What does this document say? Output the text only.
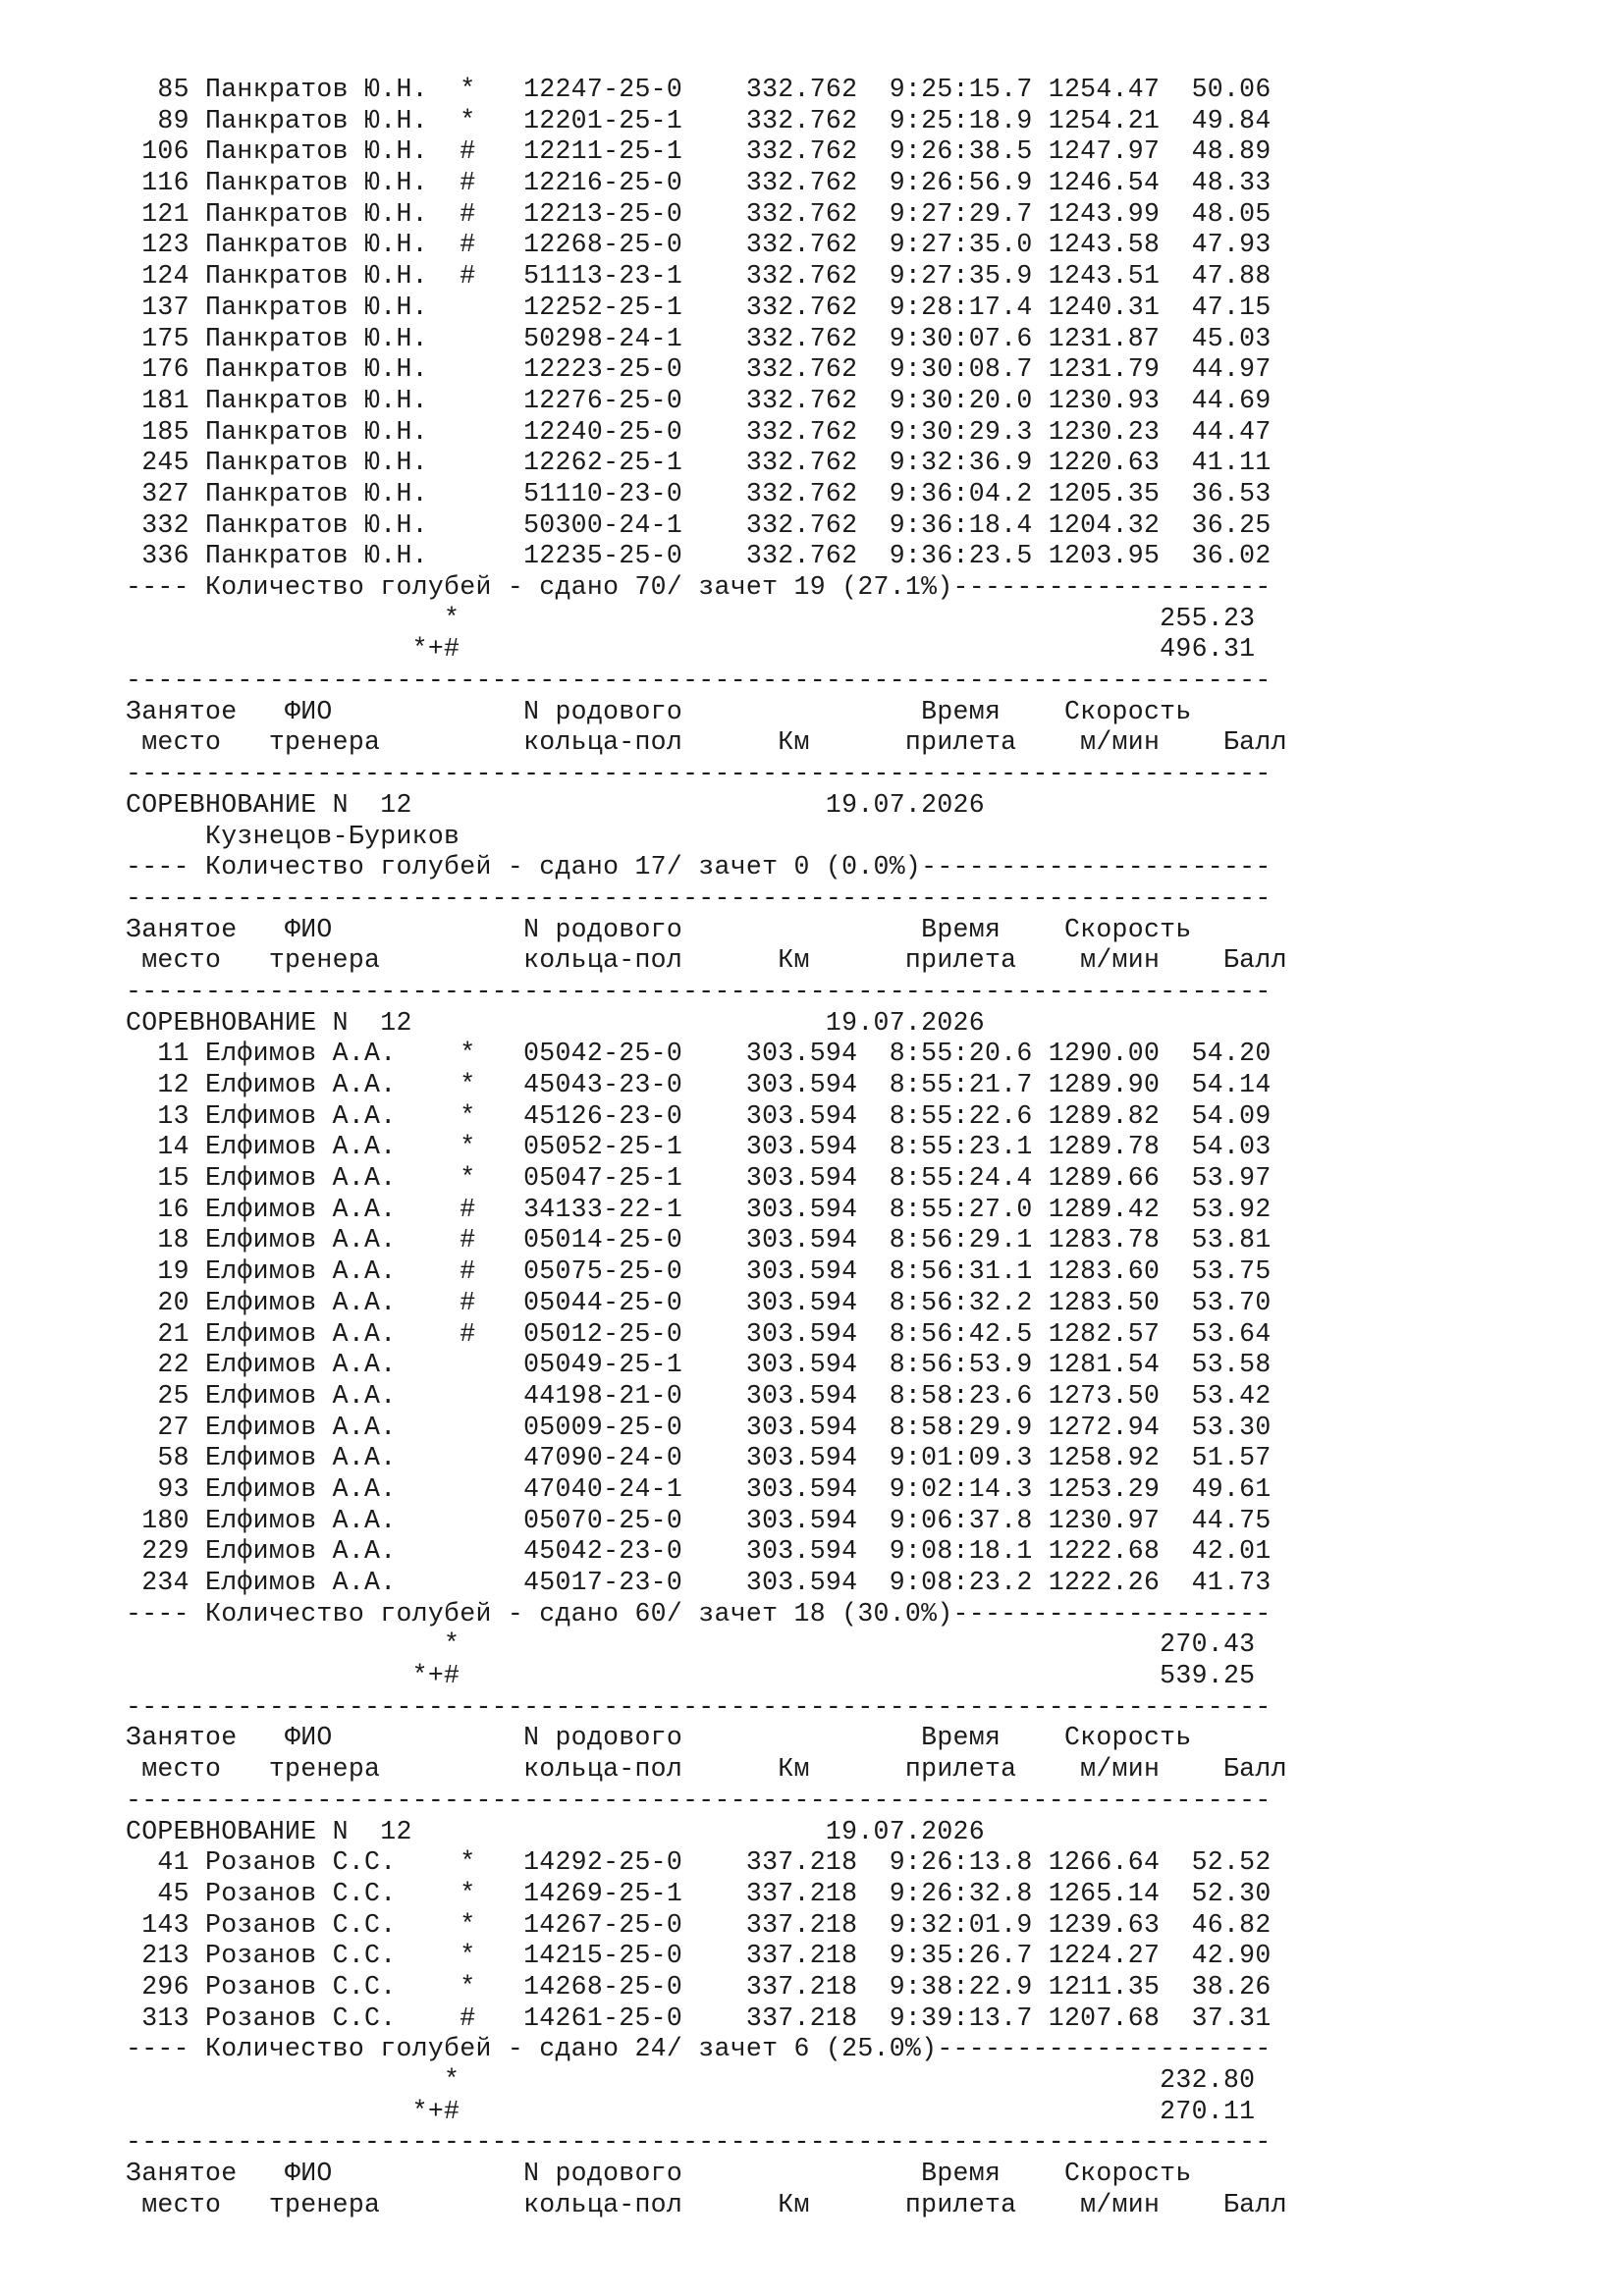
85 Панкратов Ю.Н.  *   12247-25-0    332.762  9:25:15.7 1254.47  50.06
89 Панкратов Ю.Н.  *   12201-25-1    332.762  9:25:18.9 1254.21  49.84
106 Панкратов Ю.Н.  #   12211-25-1    332.762  9:26:38.5 1247.97  48.89
116 Панкратов Ю.Н.  #   12216-25-0    332.762  9:26:56.9 1246.54  48.33
121 Панкратов Ю.Н.  #   12213-25-0    332.762  9:27:29.7 1243.99  48.05
123 Панкратов Ю.Н.  #   12268-25-0    332.762  9:27:35.0 1243.58  47.93
124 Панкратов Ю.Н.  #   51113-23-1    332.762  9:27:35.9 1243.51  47.88
137 Панкратов Ю.Н.      12252-25-1    332.762  9:28:17.4 1240.31  47.15
175 Панкратов Ю.Н.      50298-24-1    332.762  9:30:07.6 1231.87  45.03
176 Панкратов Ю.Н.      12223-25-0    332.762  9:30:08.7 1231.79  44.97
181 Панкратов Ю.Н.      12276-25-0    332.762  9:30:20.0 1230.93  44.69
185 Панкратов Ю.Н.      12240-25-0    332.762  9:30:29.3 1230.23  44.47
245 Панкратов Ю.Н.      12262-25-1    332.762  9:32:36.9 1220.63  41.11
327 Панкратов Ю.Н.      51110-23-0    332.762  9:36:04.2 1205.35  36.53
332 Панкратов Ю.Н.      50300-24-1    332.762  9:36:18.4 1204.32  36.25
336 Панкратов Ю.Н.      12235-25-0    332.762  9:36:23.5 1203.95  36.02
---- Количество голубей - сдано 70/ зачет 19 (27.1%)--------------------
*                                            255.23
*+#                                            496.31
------------------------------------------------------------------------
Занятое   ФИО            N родового               Время    Скорость
место   тренера         кольца-пол      Км      прилета    м/мин    Балл
------------------------------------------------------------------------
СОРЕВНОВАНИЕ N  12                          19.07.2026
Кузнецов-Буриков
---- Количество голубей - сдано 17/ зачет 0 (0.0%)----------------------
------------------------------------------------------------------------
Занятое   ФИО            N родового               Время    Скорость
место   тренера         кольца-пол      Км      прилета    м/мин    Балл
------------------------------------------------------------------------
СОРЕВНОВАНИЕ N  12                          19.07.2026
11 Елфимов А.А.    *   05042-25-0    303.594  8:55:20.6 1290.00  54.20
12 Елфимов А.А.    *   45043-23-0    303.594  8:55:21.7 1289.90  54.14
13 Елфимов А.А.    *   45126-23-0    303.594  8:55:22.6 1289.82  54.09
14 Елфимов А.А.    *   05052-25-1    303.594  8:55:23.1 1289.78  54.03
15 Елфимов А.А.    *   05047-25-1    303.594  8:55:24.4 1289.66  53.97
16 Елфимов А.А.    #   34133-22-1    303.594  8:55:27.0 1289.42  53.92
18 Елфимов А.А.    #   05014-25-0    303.594  8:56:29.1 1283.78  53.81
19 Елфимов А.А.    #   05075-25-0    303.594  8:56:31.1 1283.60  53.75
20 Елфимов А.А.    #   05044-25-0    303.594  8:56:32.2 1283.50  53.70
21 Елфимов А.А.    #   05012-25-0    303.594  8:56:42.5 1282.57  53.64
22 Елфимов А.А.        05049-25-1    303.594  8:56:53.9 1281.54  53.58
25 Елфимов А.А.        44198-21-0    303.594  8:58:23.6 1273.50  53.42
27 Елфимов А.А.        05009-25-0    303.594  8:58:29.9 1272.94  53.30
58 Елфимов А.А.        47090-24-0    303.594  9:01:09.3 1258.92  51.57
93 Елфимов А.А.        47040-24-1    303.594  9:02:14.3 1253.29  49.61
180 Елфимов А.А.        05070-25-0    303.594  9:06:37.8 1230.97  44.75
229 Елфимов А.А.        45042-23-0    303.594  9:08:18.1 1222.68  42.01
234 Елфимов А.А.        45017-23-0    303.594  9:08:23.2 1222.26  41.73
---- Количество голубей - сдано 60/ зачет 18 (30.0%)--------------------
*                                            270.43
*+#                                            539.25
------------------------------------------------------------------------
Занятое   ФИО            N родового               Время    Скорость
место   тренера         кольца-пол      Км      прилета    м/мин    Балл
------------------------------------------------------------------------
СОРЕВНОВАНИЕ N  12                          19.07.2026
41 Розанов С.С.    *   14292-25-0    337.218  9:26:13.8 1266.64  52.52
45 Розанов С.С.    *   14269-25-1    337.218  9:26:32.8 1265.14  52.30
143 Розанов С.С.    *   14267-25-0    337.218  9:32:01.9 1239.63  46.82
213 Розанов С.С.    *   14215-25-0    337.218  9:35:26.7 1224.27  42.90
296 Розанов С.С.    *   14268-25-0    337.218  9:38:22.9 1211.35  38.26
313 Розанов С.С.    #   14261-25-0    337.218  9:39:13.7 1207.68  37.31
---- Количество голубей - сдано 24/ зачет 6 (25.0%)---------------------
*                                            232.80
*+#                                            270.11
------------------------------------------------------------------------
Занятое   ФИО            N родового               Время    Скорость
место   тренера         кольца-пол      Км      прилета    м/мин    Балл
